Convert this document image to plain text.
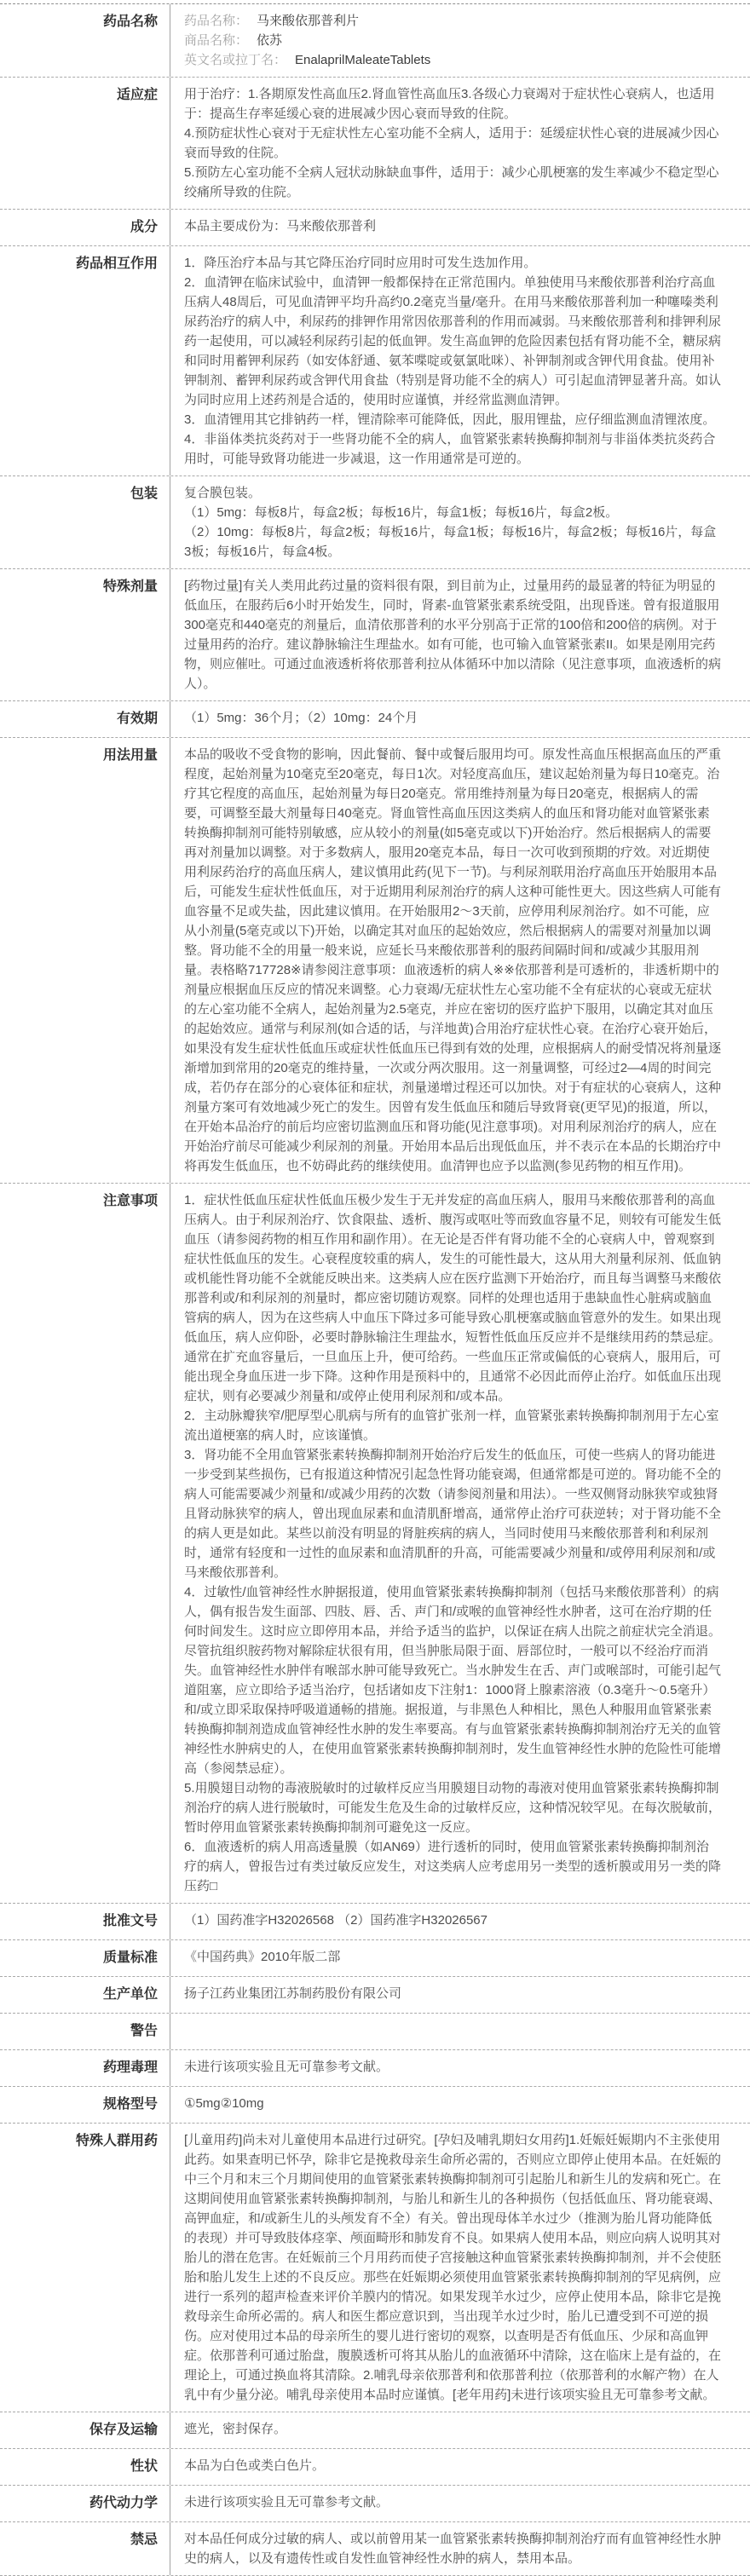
药品名称	药品名称： 马来酸依那普利片
商品名称： 依苏
英文名或拉丁名： EnalaprilMaleateTablets
适应症	用于治疗：1.各期原发性高血压2.肾血管性高血压3.各级心力衰竭对于症状性心衰病人，也适用于：提高生存率延缓心衰的进展减少因心衰而导致的住院。

4.预防症状性心衰对于无症状性左心室功能不全病人，适用于：延缓症状性心衰的进展减少因心衰而导致的住院。

5.预防左心室功能不全病人冠状动脉缺血事件，适用于：减少心肌梗塞的发生率减少不稳定型心绞痛所导致的住院。

成分	本品主要成份为：马来酸依那普利

药品相互作用	1．降压治疗本品与其它降压治疗同时应用时可发生迭加作用。

2．血清钾在临床试验中，血清钾一般都保持在正常范围内。单独使用马来酸依那普利治疗高血压病人48周后，可见血清钾平均升高约0.2毫克当量/毫升。在用马来酸依那普利加一种噻嗪类利尿药治疗的病人中，利尿药的排钾作用常因依那普利的作用而减弱。马来酸依那普利和排钾利尿药一起使用，可以减轻利尿药引起的低血钾。发生高血钾的危险因素包括有肾功能不全，糖尿病和同时用蓄钾利尿药（如安体舒通、氨苯喋啶或氨氯吡咪）、补钾制剂或含钾代用食盐。使用补钾制剂、蓄钾利尿药或含钾代用食盐（特别是肾功能不全的病人）可引起血清钾显著升高。如认为同时应用上述药剂是合适的，使用时应谨慎，并经常监测血清钾。

3．血清锂用其它排钠药一样，锂清除率可能降低，因此，服用锂盐，应仔细监测血清锂浓度。

4．非甾体类抗炎药对于一些肾功能不全的病人，血管紧张素转换酶抑制剂与非甾体类抗炎药合用时，可能导致肾功能进一步减退，这一作用通常是可逆的。

包装	复合膜包装。

（1）5mg：每板8片，每盒2板；每板16片，每盒1板；每板16片，每盒2板。

（2）10mg：每板8片，每盒2板；每板16片，每盒1板；每板16片，每盒2板；每板16片，每盒3板；每板16片，每盒4板。

特殊剂量	[药物过量]有关人类用此药过量的资料很有限，到目前为止，过量用药的最显著的特征为明显的低血压，在服药后6小时开始发生，同时，肾素-血管紧张素系统受阻，出现昏迷。曾有报道服用300毫克和440毫克的剂量后，血清依那普利的水平分别高于正常的100倍和200倍的病例。对于过量用药的治疗。建议静脉输注生理盐水。如有可能，也可输入血管紧张素II。如果是刚用完药物，则应催吐。可通过血液透析将依那普利拉从体循环中加以清除（见注意事项，血液透析的病人）。

有效期	（1）5mg：36个月；（2）10mg：24个月

用法用量	本品的吸收不受食物的影响，因此餐前、餐中或餐后服用均可。原发性高血压根据高血压的严重程度，起始剂量为10毫克至20毫克，每日1次。对轻度高血压，建议起始剂量为每日10毫克。治疗其它程度的高血压，起始剂量为每日20毫克。常用维持剂量为每日20毫克，根据病人的需要，可调整至最大剂量每日40毫克。肾血管性高血压因这类病人的血压和肾功能对血管紧张素转换酶抑制剂可能特别敏感，应从较小的剂量(如5毫克或以下)开始治疗。然后根据病人的需要再对剂量加以调整。对于多数病人，服用20毫克本品，每日一次可收到预期的疗效。对近期使用利尿药治疗的高血压病人，建议慎用此药(见下一节)。与利尿剂联用治疗高血压开始服用本品后，可能发生症状性低血压，对于近期用利尿剂治疗的病人这种可能性更大。因这些病人可能有血容量不足或失盐，因此建议慎用。在开始服用2～3天前，应停用利尿剂治疗。如不可能，应从小剂量(5毫克或以下)开始，以确定其对血压的起始效应，然后根据病人的需要对剂量加以调整。肾功能不全的用量一般来说，应延长马来酸依那普利的服药间隔时间和/或减少其服用剂量。表格略717728※请参阅注意事项：血液透析的病人※※依那普利是可透析的，非透析期中的剂量应根据血压反应的情况来调整。心力衰竭/无症状性左心室功能不全有症状的心衰或无症状的左心室功能不全病人，起始剂量为2.5毫克，并应在密切的医疗监护下服用，以确定其对血压的起始效应。通常与利尿剂(如合适的话，与洋地黄)合用治疗症状性心衰。在治疗心衰开始后，如果没有发生症状性低血压或症状性低血压已得到有效的处理，应根据病人的耐受情况将剂量逐渐增加到常用的20毫克的维持量，一次或分两次服用。这一剂量调整，可经过2—4周的时间完成，若仍存在部分的心衰体征和症状，剂量递增过程还可以加快。对于有症状的心衰病人，这种剂量方案可有效地减少死亡的发生。因曾有发生低血压和随后导致肾衰(更罕见)的报道，所以，在开始本品治疗的前后均应密切监测血压和肾功能(见注意事项)。对用利尿剂治疗的病人，应在开始治疗前尽可能减少利尿剂的剂量。开始用本品后出现低血压，并不表示在本品的长期治疗中将再发生低血压，也不妨碍此药的继续使用。血清钾也应予以监测(参见药物的相互作用)。

注意事项	1．症状性低血压症状性低血压极少发生于无并发症的高血压病人，服用马来酸依那普利的高血压病人。由于利尿剂治疗、饮食限盐、透析、腹泻或呕吐等而致血容量不足，则较有可能发生低血压（请参阅药物的相互作用和副作用）。在无论是否伴有肾功能不全的心衰病人中，曾观察到症状性低血压的发生。心衰程度较重的病人，发生的可能性最大，这从用大剂量利尿剂、低血钠或机能性肾功能不全就能反映出来。这类病人应在医疗监测下开始治疗，而且每当调整马来酸依那普利或/和利尿剂的剂量时，都应密切随访观察。同样的处理也适用于患缺血性心脏病或脑血管病的病人，因为在这些病人中血压下降过多可能导致心肌梗塞或脑血管意外的发生。如果出现低血压，病人应仰卧，必要时静脉输注生理盐水，短暂性低血压反应并不是继续用药的禁忌症。通常在扩充血容量后，一旦血压上升，便可给药。一些血压正常或偏低的心衰病人，服用后，可能出现全身血压进一步下降。这种作用是预料中的，且通常不必因此而停止治疗。如低血压出现症状，则有必要减少剂量和/或停止使用利尿剂和/或本品。

2．主动脉瓣狭窄/肥厚型心肌病与所有的血管扩张剂一样，血管紧张素转换酶抑制剂用于左心室流出道梗塞的病人时，应该谨慎。

3．肾功能不全用血管紧张素转换酶抑制剂开始治疗后发生的低血压，可使一些病人的肾功能进一步受到某些损伤，已有报道这种情况引起急性肾功能衰竭，但通常都是可逆的。肾功能不全的病人可能需要减少剂量和/或减少用药的次数（请参阅剂量和用法）。一些双侧肾动脉狭窄或独肾且肾动脉狭窄的病人，曾出现血尿素和血清肌酐增高，通常停止治疗可获逆转；对于肾功能不全的病人更是如此。某些以前没有明显的肾脏疾病的病人，当同时使用马来酸依那普利和利尿剂时，通常有轻度和一过性的血尿素和血清肌酐的升高，可能需要减少剂量和/或停用利尿剂和/或马来酸依那普利。

4．过敏性/血管神经性水肿据报道，使用血管紧张素转换酶抑制剂（包括马来酸依那普利）的病人，偶有报告发生面部、四肢、唇、舌、声门和/或喉的血管神经性水肿者，这可在治疗期的任何时间发生。这时应立即停用本品，并给予适当的监护，以保证在病人出院之前症状完全消退。尽管抗组织胺药物对解除症状很有用，但当肿胀局限于面、唇部位时，一般可以不经治疗而消失。血管神经性水肿伴有喉部水肿可能导致死亡。当水肿发生在舌、声门或喉部时，可能引起气道阻塞，应立即给予适当治疗，包括诸如皮下注射1：1000肾上腺素溶液（0.3毫升～0.5毫升）和/或立即采取保持呼吸道通畅的措施。据报道，与非黑色人种相比，黑色人种服用血管紧张素转换酶抑制剂造成血管神经性水肿的发生率要高。有与血管紧张素转换酶抑制剂治疗无关的血管神经性水肿病史的人，在使用血管紧张素转换酶抑制剂时，发生血管神经性水肿的危险性可能增高（参阅禁忌症）。

5.用膜翅目动物的毒液脱敏时的过敏样反应当用膜翅目动物的毒液对使用血管紧张素转换酶抑制剂治疗的病人进行脱敏时，可能发生危及生命的过敏样反应，这种情况较罕见。在每次脱敏前，暂时停用血管紧张素转换酶抑制剂可避免这一反应。

6．血液透析的病人用高透量膜（如AN69）进行透析的同时，使用血管紧张素转换酶抑制剂治疗的病人，曾报告过有类过敏反应发生，对这类病人应考虑用另一类型的透析膜或用另一类的降压药□

批准文号	（1）国药准字H32026568 （2）国药准字H32026567

质量标准	《中国药典》2010年版二部

生产单位	扬子江药业集团江苏制药股份有限公司

警告
药理毒理	未进行该项实验且无可靠参考文献。

规格型号	①5mg②10mg

特殊人群用药	[儿童用药]尚未对儿童使用本品进行过研究。[孕妇及哺乳期妇女用药]1.妊娠妊娠期内不主张使用此药。如果查明已怀孕，除非它是挽救母亲生命所必需的，否则应立即停止使用本品。在妊娠的中三个月和末三个月期间使用的血管紧张素转换酶抑制剂可引起胎儿和新生儿的发病和死亡。在这期间使用血管紧张素转换酶抑制剂，与胎儿和新生儿的各种损伤（包括低血压、肾功能衰竭、高钾血症，和/或新生儿的头颅发育不全）有关。曾出现母体羊水过少（推测为胎儿肾功能降低的表现）并可导致肢体痉挛、颅面畸形和肺发育不良。如果病人使用本品，则应向病人说明其对胎儿的潜在危害。在妊娠前三个月用药而使子宫接触这种血管紧张素转换酶抑制剂，并不会使胚胎和胎儿发生上述的不良反应。那些在妊娠期必须使用血管紧张素转换酶抑制剂的罕见病例，应进行一系列的超声检查来评价羊膜内的情况。如果发现羊水过少，应停止使用本品，除非它是挽救母亲生命所必需的。病人和医生都应意识到，当出现羊水过少时，胎儿已遭受到不可逆的损伤。应对使用过本品的母亲所生的婴儿进行密切的观察，以查明是否有低血压、少尿和高血钾症。依那普利可通过胎盘，腹膜透析可将其从胎儿的血液循环中清除，这在临床上是有益的，在理论上，可通过换血将其清除。2.哺乳母亲依那普利和依那普利拉（依那普利的水解产物）在人乳中有少量分泌。哺乳母亲使用本品时应谨慎。[老年用药]未进行该项实验且无可靠参考文献。

保存及运输	遮光，密封保存。

性状	本品为白色或类白色片。

药代动力学	未进行该项实验且无可靠参考文献。

禁忌	对本品任何成分过敏的病人、或以前曾用某一血管紧张素转换酶抑制剂治疗而有血管神经性水肿史的病人，以及有遗传性或自发性血管神经性水肿的病人，禁用本品。
